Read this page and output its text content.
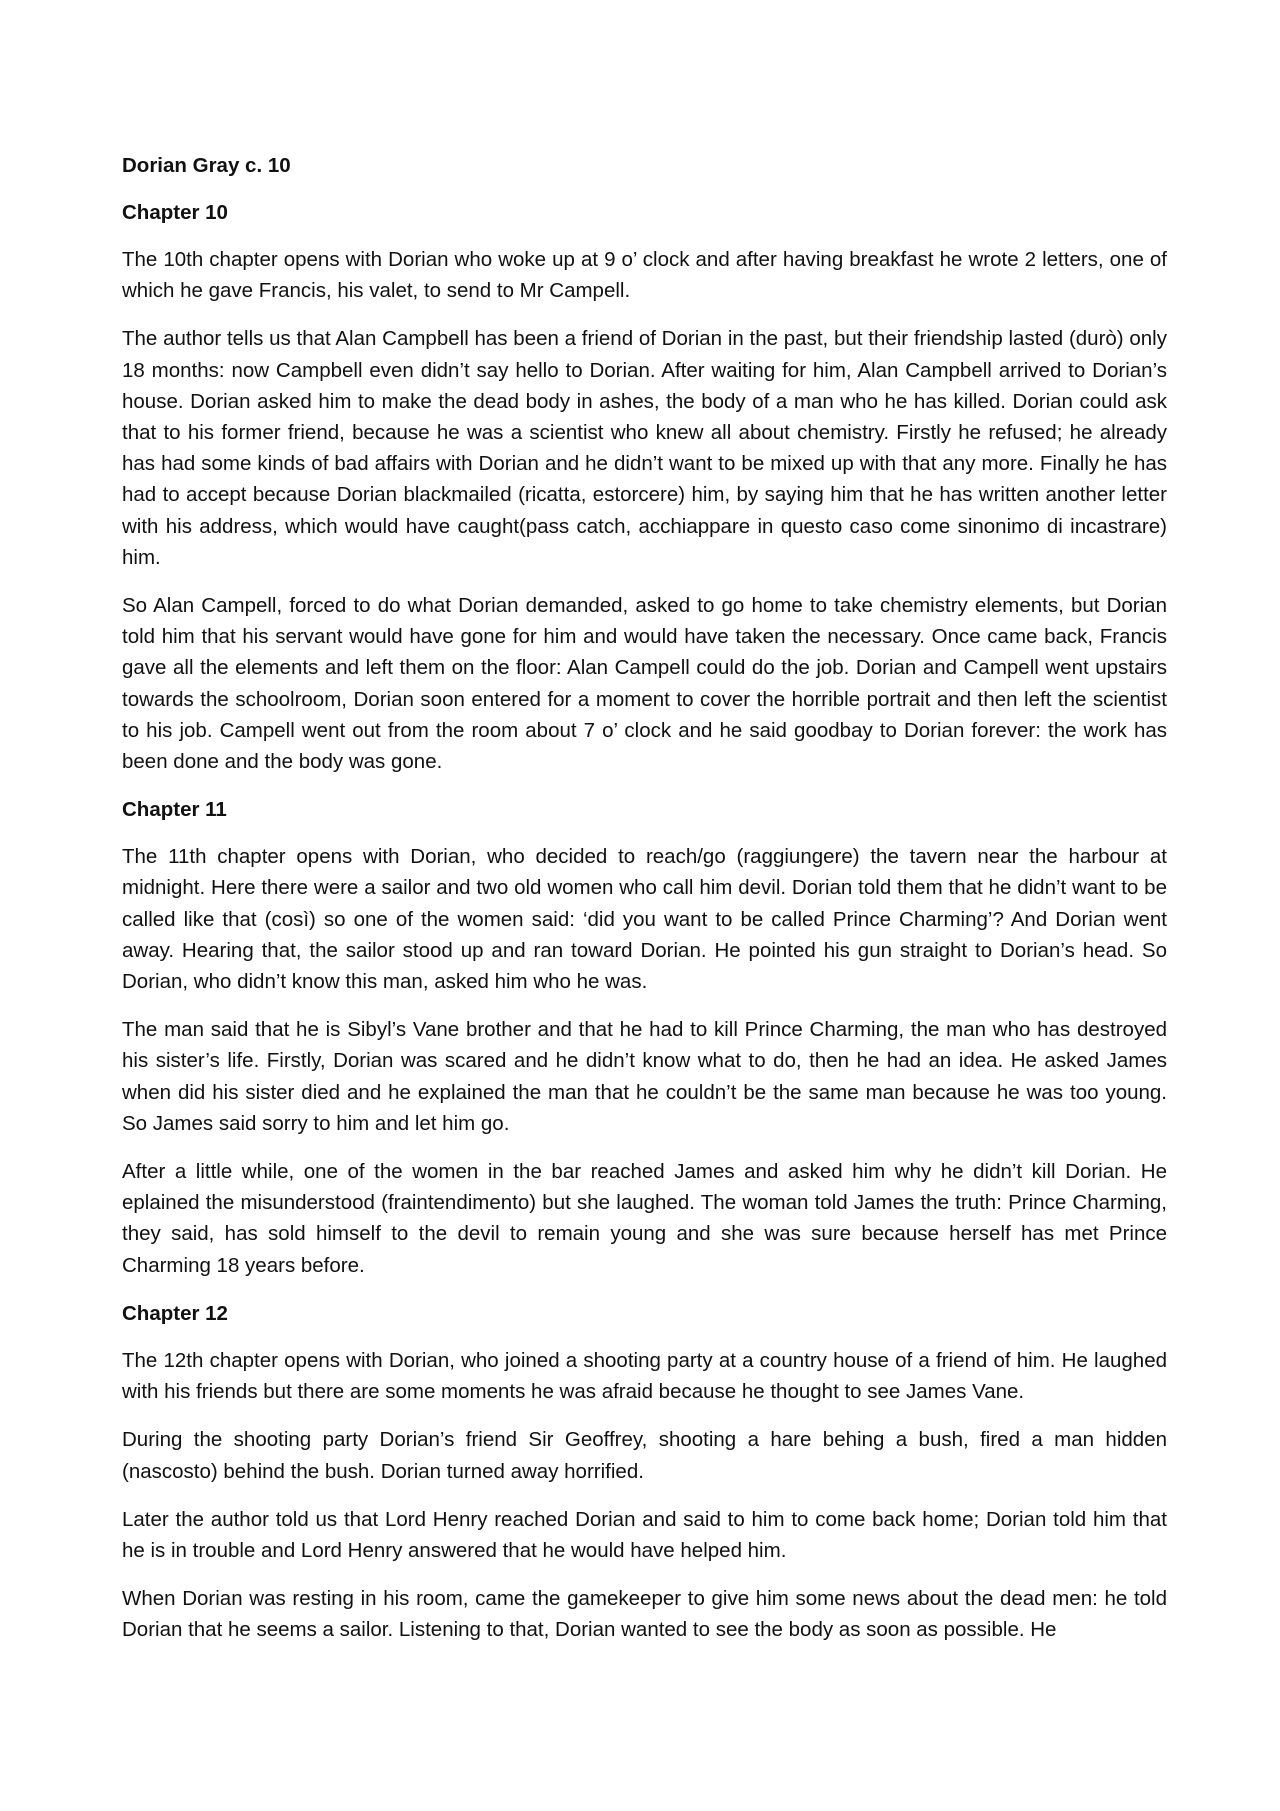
Dorian Gray c. 10
Chapter 10

The 10th chapter opens with Dorian who woke up at 9 o’ clock and after having breakfast he wrote 2 letters, one of which he gave Francis, his valet, to send to Mr Campell.

The author tells us that Alan Campbell has been a friend of Dorian in the past, but their friendship lasted (durò) only 18 months: now Campbell even didn’t say hello to Dorian. After waiting for him, Alan Campbell arrived to Dorian’s house. Dorian asked him to make the dead body in ashes, the body of a man who he has killed. Dorian could ask that to his former friend, because he was a scientist who knew all about chemistry. Firstly he refused; he already has had some kinds of bad affairs with Dorian and he didn’t want to be mixed up with that any more. Finally he has had to accept because Dorian blackmailed (ricatta, estorcere) him, by saying him that he has written another letter with his address, which would have caught(pass catch, acchiappare in questo caso come sinonimo di incastrare) him.

So Alan Campell, forced to do what Dorian demanded, asked to go home to take chemistry elements, but Dorian told him that his servant would have gone for him and would have taken the necessary. Once came back, Francis gave all the elements and left them on the floor: Alan Campell could do the job. Dorian and Campell went upstairs towards the schoolroom, Dorian soon entered for a moment to cover the horrible portrait and then left the scientist to his job. Campell went out from the room about 7 o’ clock and he said goodbay to Dorian forever: the work has been done and the body was gone.

Chapter 11

The 11th chapter opens with Dorian, who decided to reach/go (raggiungere) the tavern near the harbour at midnight. Here there were a sailor and two old women who call him devil. Dorian told them that he didn’t want to be called like that (così) so one of the women said: ‘did you want to be called Prince Charming’? And Dorian went away. Hearing that, the sailor stood up and ran toward Dorian. He pointed his gun straight to Dorian’s head. So Dorian, who didn’t know this man, asked him who he was.

The man said that he is Sibyl’s Vane brother and that he had to kill Prince Charming, the man who has destroyed his sister’s life. Firstly, Dorian was scared and he didn’t know what to do, then he had an idea. He asked James when did his sister died and he explained the man that he couldn’t be the same man because he was too young. So James said sorry to him and let him go.

After a little while, one of the women in the bar reached James and asked him why he didn’t kill Dorian. He eplained the misunderstood (fraintendimento) but she laughed. The woman told James the truth: Prince Charming, they said, has sold himself to the devil to remain young and she was sure because herself has met Prince Charming 18 years before.

Chapter 12

The 12th chapter opens with Dorian, who joined a shooting party at a country house of a friend of him. He laughed with his friends but there are some moments he was afraid because he thought to see James Vane.

During the shooting party Dorian’s friend Sir Geoffrey, shooting a hare behing a bush, fired a man hidden (nascosto) behind the bush. Dorian turned away horrified.

Later the author told us that Lord Henry reached Dorian and said to him to come back home; Dorian told him that he is in trouble and Lord Henry answered that he would have helped him.

When Dorian was resting in his room, came the gamekeeper to give him some news about the dead men: he told Dorian that he seems a sailor. Listening to that, Dorian wanted to see the body as soon as possible. He
